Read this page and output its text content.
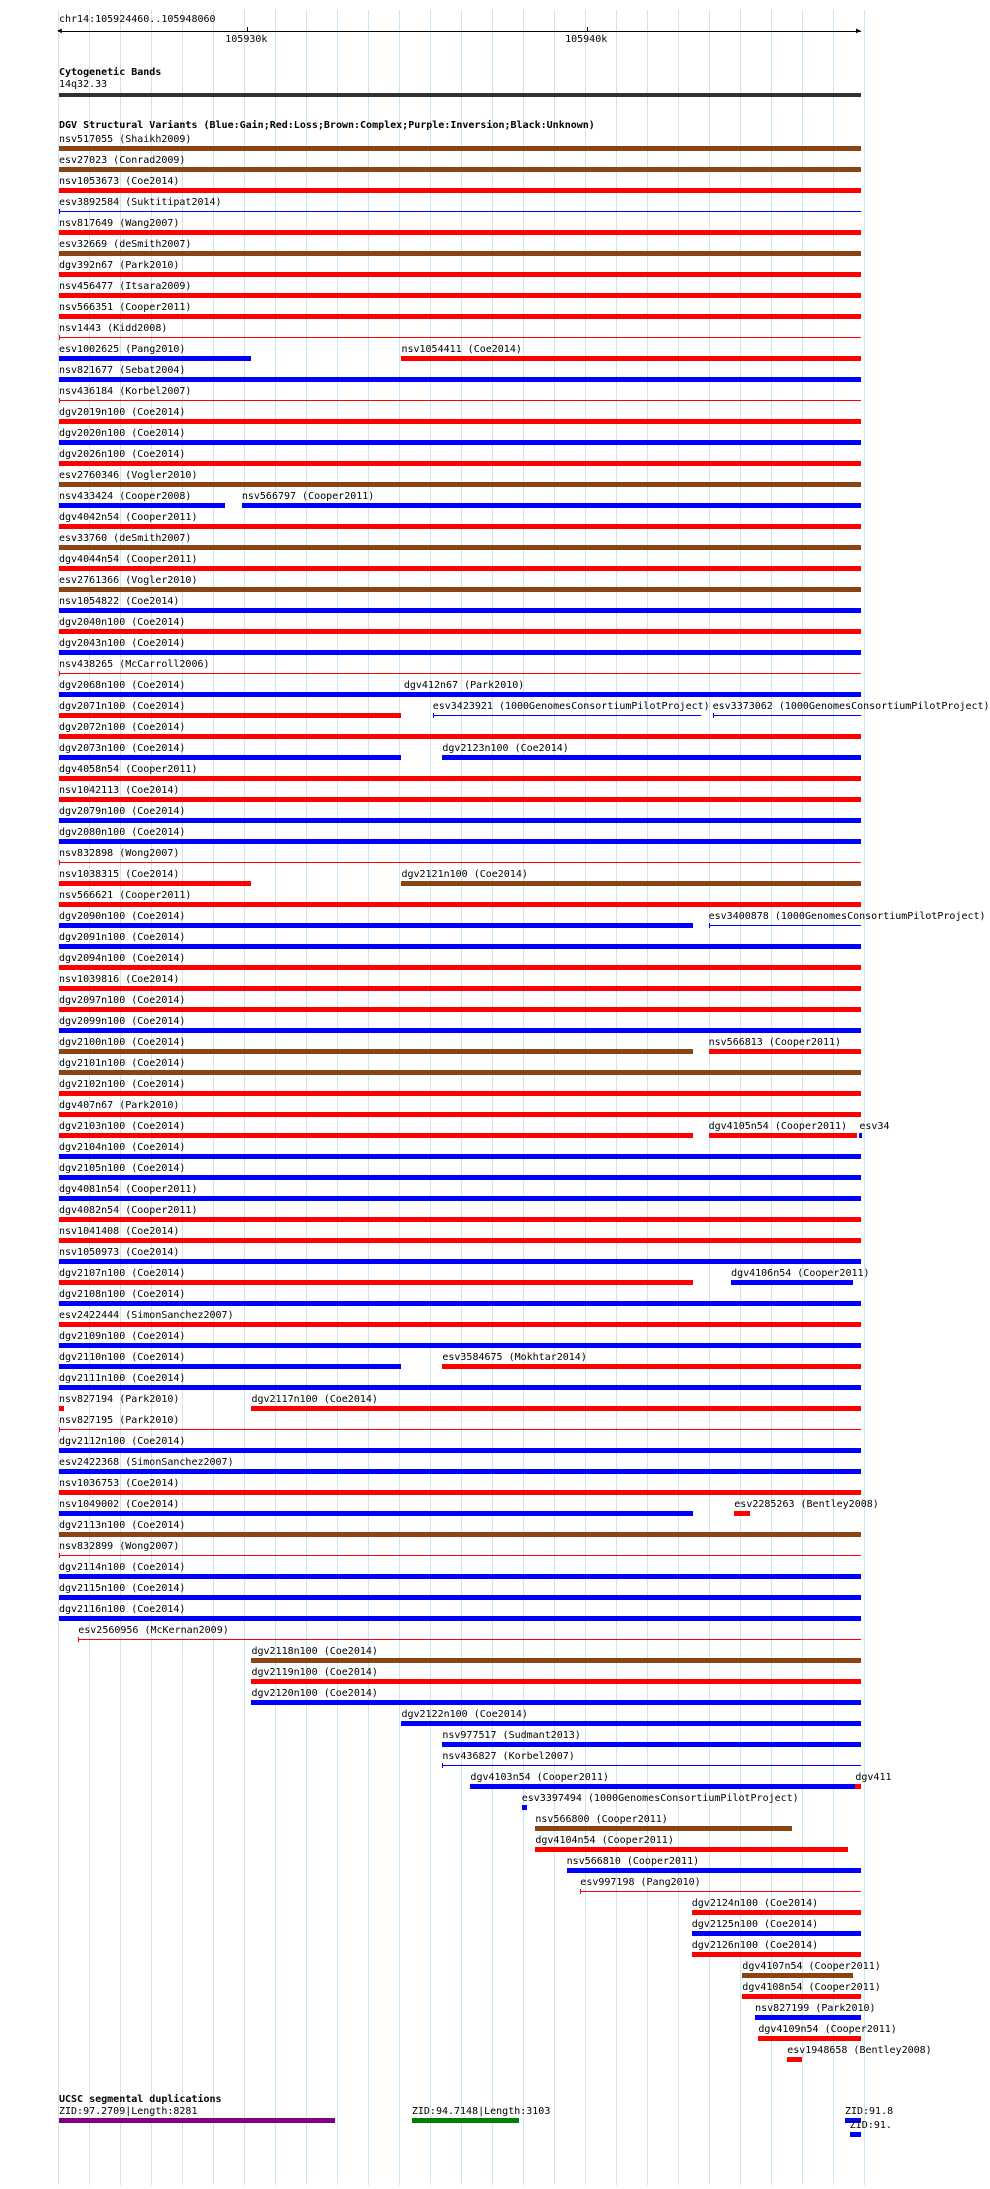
chr14:105924460..105948060
◀	▶
105930k	105940k
Cytogenetic Bands
14q32.33
DGV Structural Variants (Blue:Gain;Red:Loss;Brown:Complex;Purple:Inversion;Black:Unknown)
nsv517055 (Shaikh2009)
esv27023 (Conrad2009)
nsv1053673 (Coe2014)
esv3892584 (Suktitipat2014)
nsv817649 (Wang2007)
esv32669 (deSmith2007)
dgv392n67 (Park2010)
nsv456477 (Itsara2009)
nsv566351 (Cooper2011)
nsv1443 (Kidd2008)
esv1002625 (Pang2010)	nsv1054411 (Coe2014)
nsv821677 (Sebat2004)
nsv436184 (Korbel2007)
dgv2019n100 (Coe2014)
dgv2020n100 (Coe2014)
dgv2026n100 (Coe2014)
esv2760346 (Vogler2010)
nsv433424 (Cooper2008)	nsv566797 (Cooper2011)
dgv4042n54 (Cooper2011)
esv33760 (deSmith2007)
dgv4044n54 (Cooper2011)
esv2761366 (Vogler2010)
nsv1054822 (Coe2014)
dgv2040n100 (Coe2014)
dgv2043n100 (Coe2014)
nsv438265 (McCarroll2006)
dgv2068n100 (Coe2014)	dgv412n67 (Park2010)
dgv2071n100 (Coe2014)	esv3423921 (1000GenomesConsortiumPilotProject) esv3373062 (1000GenomesConsortiumPilotProject)
dgv2072n100 (Coe2014)
dgv2073n100 (Coe2014)	dgv2123n100 (Coe2014)
dgv4058n54 (Cooper2011)
nsv1042113 (Coe2014)
dgv2079n100 (Coe2014)
dgv2080n100 (Coe2014)
nsv832898 (Wong2007)
nsv1038315 (Coe2014)	dgv2121n100 (Coe2014)
nsv566621 (Cooper2011)
dgv2090n100 (Coe2014)	esv3400878 (1000GenomesConsortiumPilotProject)
dgv2091n100 (Coe2014)
dgv2094n100 (Coe2014)
nsv1039816 (Coe2014)
dgv2097n100 (Coe2014)
dgv2099n100 (Coe2014)
dgv2100n100 (Coe2014)	nsv566813 (Cooper2011)
dgv2101n100 (Coe2014)
dgv2102n100 (Coe2014)
dgv407n67 (Park2010)
dgv2103n100 (Coe2014)	dgv4105n54 (Cooper2011) esv34
dgv2104n100 (Coe2014)
dgv2105n100 (Coe2014)
dgv4081n54 (Cooper2011)
dgv4082n54 (Cooper2011)
nsv1041408 (Coe2014)
nsv1050973 (Coe2014)
dgv2107n100 (Coe2014)	dgv4106n54 (Cooper2011)
dgv2108n100 (Coe2014)
esv2422444 (SimonSanchez2007)
dgv2109n100 (Coe2014)
dgv2110n100 (Coe2014)	esv3584675 (Mokhtar2014)
dgv2111n100 (Coe2014)
nsv827194 (Park2010)	dgv2117n100 (Coe2014)
nsv827195 (Park2010)
dgv2112n100 (Coe2014)
esv2422368 (SimonSanchez2007)
nsv1036753 (Coe2014)
nsv1049002 (Coe2014)	esv2285263 (Bentley2008)
dgv2113n100 (Coe2014)
nsv832899 (Wong2007)
dgv2114n100 (Coe2014)
dgv2115n100 (Coe2014)
dgv2116n100 (Coe2014)
esv2560956 (McKernan2009)
dgv2118n100 (Coe2014)
dgv2119n100 (Coe2014)
dgv2120n100 (Coe2014)
dgv2122n100 (Coe2014)
nsv977517 (Sudmant2013)
nsv436827 (Korbel2007)
dgv4103n54 (Cooper2011)	dgv411
esv3397494 (1000GenomesConsortiumPilotProject)
nsv566800 (Cooper2011)
dgv4104n54 (Cooper2011)
nsv566810 (Cooper2011)
esv997198 (Pang2010)
dgv2124n100 (Coe2014)
dgv2125n100 (Coe2014)
dgv2126n100 (Coe2014)
dgv4107n54 (Cooper2011)
dgv4108n54 (Cooper2011)
nsv827199 (Park2010)
dgv4109n54 (Cooper2011)
esv1948658 (Bentley2008)
UCSC segmental duplications
ZID:97.2709|Length:8281	ZID:94.7148|Length:3103	ZID:91.8
ZID:91.
